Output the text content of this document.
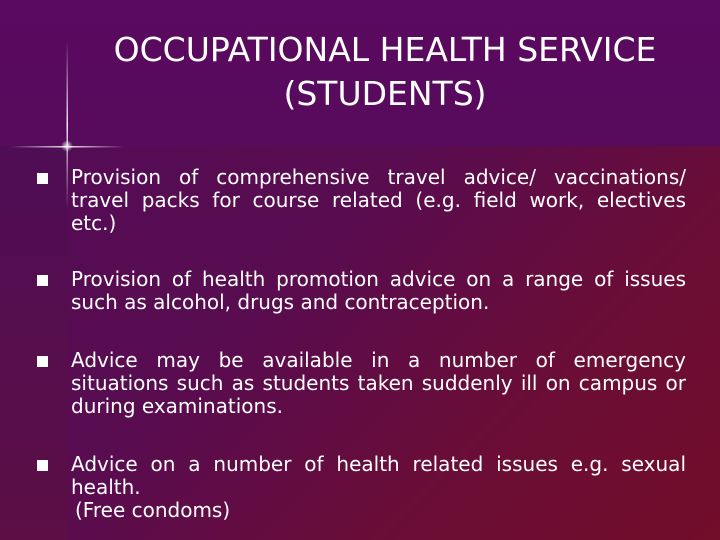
OCCUPATIONAL HEALTH SERVICE
(STUDENTS)
Provision of comprehensive travel advice/ vaccinations/ travel packs for course related (e.g. field work, electives etc.)
Provision of health promotion advice on a range of issues such as alcohol, drugs and contraception.
Advice may be available in a number of emergency situations such as students taken suddenly ill on campus or during examinations.
Advice on a number of health related issues e.g. sexual health.
(Free condoms)
